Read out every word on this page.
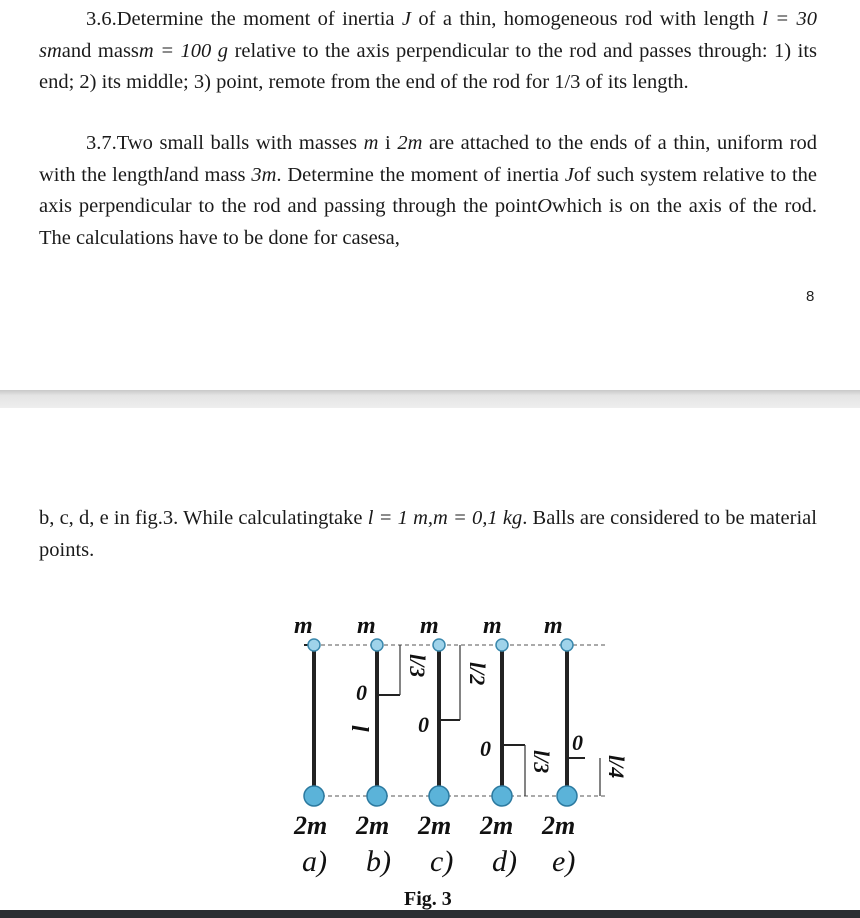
3.6.Determine the moment of inertia J of a thin, homogeneous rod with length l = 30 smand massm = 100 g relative to the axis perpendicular to the rod and passes through: 1) its end; 2) its middle; 3) point, remote from the end of the rod for 1/3 of its length.

3.7.Two small balls with masses m i 2m are attached to the ends of a thin, uniform rod with the lengthland mass 3m. Determine the moment of inertia Jof such system relative to the axis perpendicular to the rod and passing through the pointOwhich is on the axis of the rod. The calculations have to be done for casesa,

8

b, c, d, e in fig.3. While calculatingtake l = 1 m,m = 0,1 kg. Balls are considered to be material points.

m m m m m
l
0
0
0	0
l/3 l/2
l/3 l/4
2m 2m 2m 2m 2m
a) b) c) d) e)
Fig. 3
